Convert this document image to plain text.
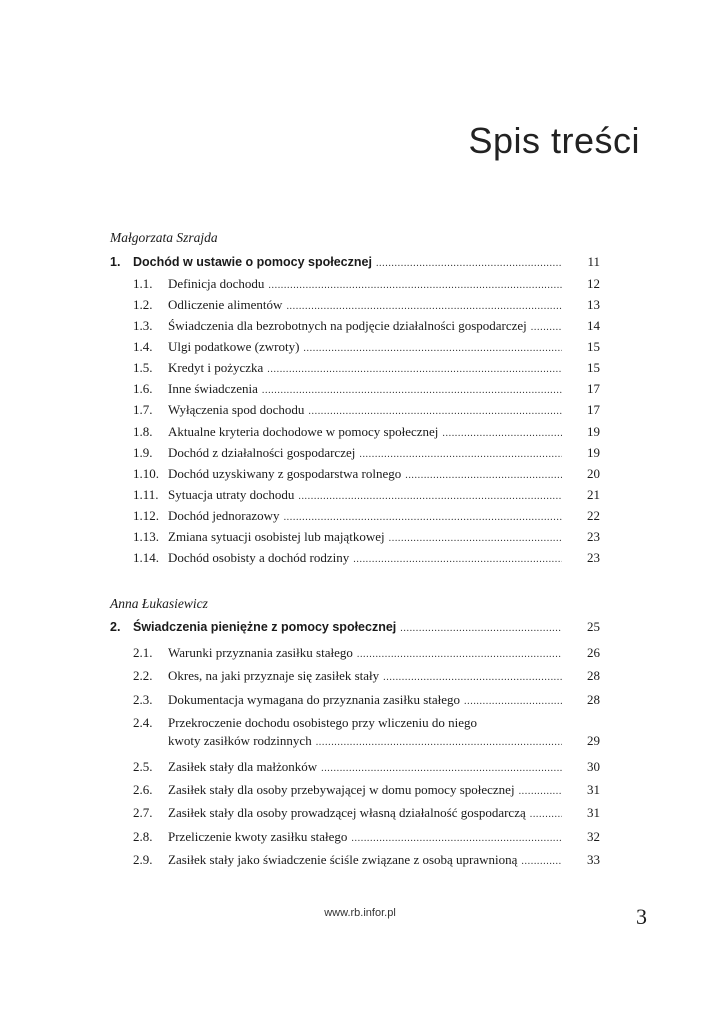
Spis treści
Małgorzata Szrajda
1.	Dochód w ustawie o pomocy społecznej .....	11
1.1.	Definicja dochodu .....	12
1.2.	Odliczenie alimentów .....	13
1.3.	Świadczenia dla bezrobotnych na podjęcie działalności gospodarczej .....	14
1.4.	Ulgi podatkowe (zwroty) .....	15
1.5.	Kredyt i pożyczka .....	15
1.6.	Inne świadczenia .....	17
1.7.	Wyłączenia spod dochodu .....	17
1.8.	Aktualne kryteria dochodowe w pomocy społecznej .....	19
1.9.	Dochód z działalności gospodarczej .....	19
1.10. Dochód uzyskiwany z gospodarstwa rolnego .....	20
1.11. Sytuacja utraty dochodu .....	21
1.12. Dochód jednorazowy .....	22
1.13. Zmiana sytuacji osobistej lub majątkowej .....	23
1.14. Dochód osobisty a dochód rodziny .....	23
Anna Łukasiewicz
2.	Świadczenia pieniężne z pomocy społecznej .....	25
2.1.	Warunki przyznania zasiłku stałego .....	26
2.2.	Okres, na jaki przyznaje się zasiłek stały .....	28
2.3.	Dokumentacja wymagana do przyznania zasiłku stałego .....	28
2.4.	Przekroczenie dochodu osobistego przy wliczeniu do niego
kwoty zasiłków rodzinnych .....	29
2.5.	Zasiłek stały dla małżonków .....	30
2.6.	Zasiłek stały dla osoby przebywającej w domu pomocy społecznej .....	31
2.7.	Zasiłek stały dla osoby prowadzącej własną działalność gospodarczą .....	31
2.8.	Przeliczenie kwoty zasiłku stałego .....	32
2.9.	Zasiłek stały jako świadczenie ściśle związane z osobą uprawnioną .....	33
www.rb.infor.pl	3
